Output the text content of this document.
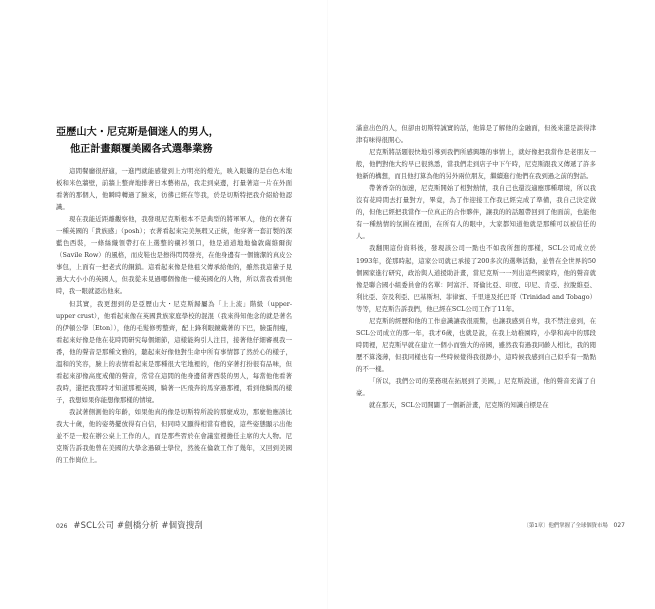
亞歷山大・尼克斯是個迷人的男人，
他正計畫顛覆美國各式選舉業務

這間餐廳很舒適，一進門就能感覺到上方明亮的燈光，映入眼簾的是白色木地板和米色牆壁，前牆上整齊地排著日本藝術品，我走到桌邊，打量著這一片在外面看著的那個人，他瞬時轉過了臉來，彷彿已經在等我，於是切斯特把我介紹給他認識。

現在我能近距離觀察他，我發現尼克斯根本不是典型的將軍軍人，他的衣著有一種英國的「貴族感」（posh）；衣著看起來完美無瑕又正統，他穿著一套訂製的深藍色西裝，一條絲織領帶打在上選整的襯衫領口，他是道道地地倫敦薩維爾街（Savile Row）的風格，而皮鞋也是擦得閃閃發亮，在他身邊有一個簡潔的真皮公事包，上面有一把老式的銅鎖。這看起來像是他祖父傳承給他的，雖然我這輩子見過大大小小的英國人，但我從未見過哪個像他一樣英國化的人物，所以當我看到他時，我一眼就認出他來。

但其實，我更想到的是亞歷山大・尼克斯歸屬為「上上流」階級（upper-upper crust），他看起來像在英國貴族家庭學校的混混（我來得知他念的就是著名的伊頓公學〔Eton〕），他的毛髮修剪整齊，配上鋒利眼鏡戴著的下巴，臉蛋削瘦，看起來好像是他在花時間研究每個細節，這樣能夠引人注目，接著他仔細審視我一番，他的聲音是那種文雅的，聽起來好像他對生命中所有事情都了然於心的樣子，溫和的笑容，臉上的表情看起來是那種很大宅地裡的，他的穿著打扮很有品味，但看起來卻像高度戒備的聲音，常常在這間的他身邊留著西裝的男人，每當他他看著我時，還把我那時才知道那裡英國，騎著一匹飛奔的馬穿過那裡，看到他騎馬的樣子，我想如果你能想像那樣的情境。

我試著側測他的年齡，如果他真的像是切斯特所說的那麼成功，那麼他應該比我大十歲，他的姿勢擺放得有自信，但同時又顯得相當有禮貌，這些姿態顯示出他並不是一般在辦公桌上工作的人，而是那些習於在會議室裡擔任主席的大人物。尼克斯告訴我他曾在美國的大學念過碩士學位，然後在倫敦工作了幾年，又回到美國的工作崗位上。

026 #SCL公司 #劍橋分析 #個資搜刮

滿意出色的人，但卻由切斯特誠實的話，他算是了解他的金融面，但後來還是談得津津有味得很開心。

尼克斯將話題很快地引導到我們所感興趣的事情上，就好像把我當作是老朋友一般，他們對他大約早已很熟悉，當我們走到店子中下午時，尼克斯跟我又傳遞了許多他新的構想，而且他打算為他的另外兩位朋友，繼續進行他們在我到過之前的對話。

帶著香奈的加速，尼克斯開始了相對熱情，我自己也還沒適應那種環境，所以我沒有花時間去打量對方，畢竟，為了作迎接工作我已經完成了準備，我自己決定做的，但他已經把我當作一位真正的合作夥伴，讓我的的話題帶回到了他面前，也能他有一種熱情的氛圍在裡面，在所有人的眼中，大家都知道他就是那種可以被信任的人。

我翻開這份資料後，發現該公司一點也不如我所想的那樣，SCL公司成立於1993年，從那時起，這家公司就已承接了200多次的選舉活動，並曾在全世界的50個國家進行研究，政治與人道援助計畫，當尼克斯一一列出這些國家時，他的聲音就像是聯合國小組委員會的名單：阿富汗、哥倫比亞、印度、印尼、肯亞、拉脫維亞、利比亞、奈及利亞、巴基斯坦、菲律賓、千里達及托巴哥（Trinidad and Tobago）等等，尼克斯告訴我們，他已經在SCL公司工作了11年。

尼克斯的經歷和他的工作意識讓我很震驚，也讓我感到自卑，我不禁注意到，在SCL公司成立的那一年，我才6歲，也就是說，在我上幼稚園時，小學和高中的那段時間裡，尼克斯早就在建立一個小而強大的帝國，雖然我有過我同齡人相比，我的閱歷不算淺薄，但我同樣也有一些時候覺得我很渺小，這時候我感到自己似乎有一點點的不一樣。

「所以，我們公司的業務現在拓展到了美國，」尼克斯說道，他的聲音充滿了自豪。

就在那天，SCL公司開闢了一個新計畫，尼克斯的知識自標是在

〔第1章〕他們掌握了全球個資市場 027
